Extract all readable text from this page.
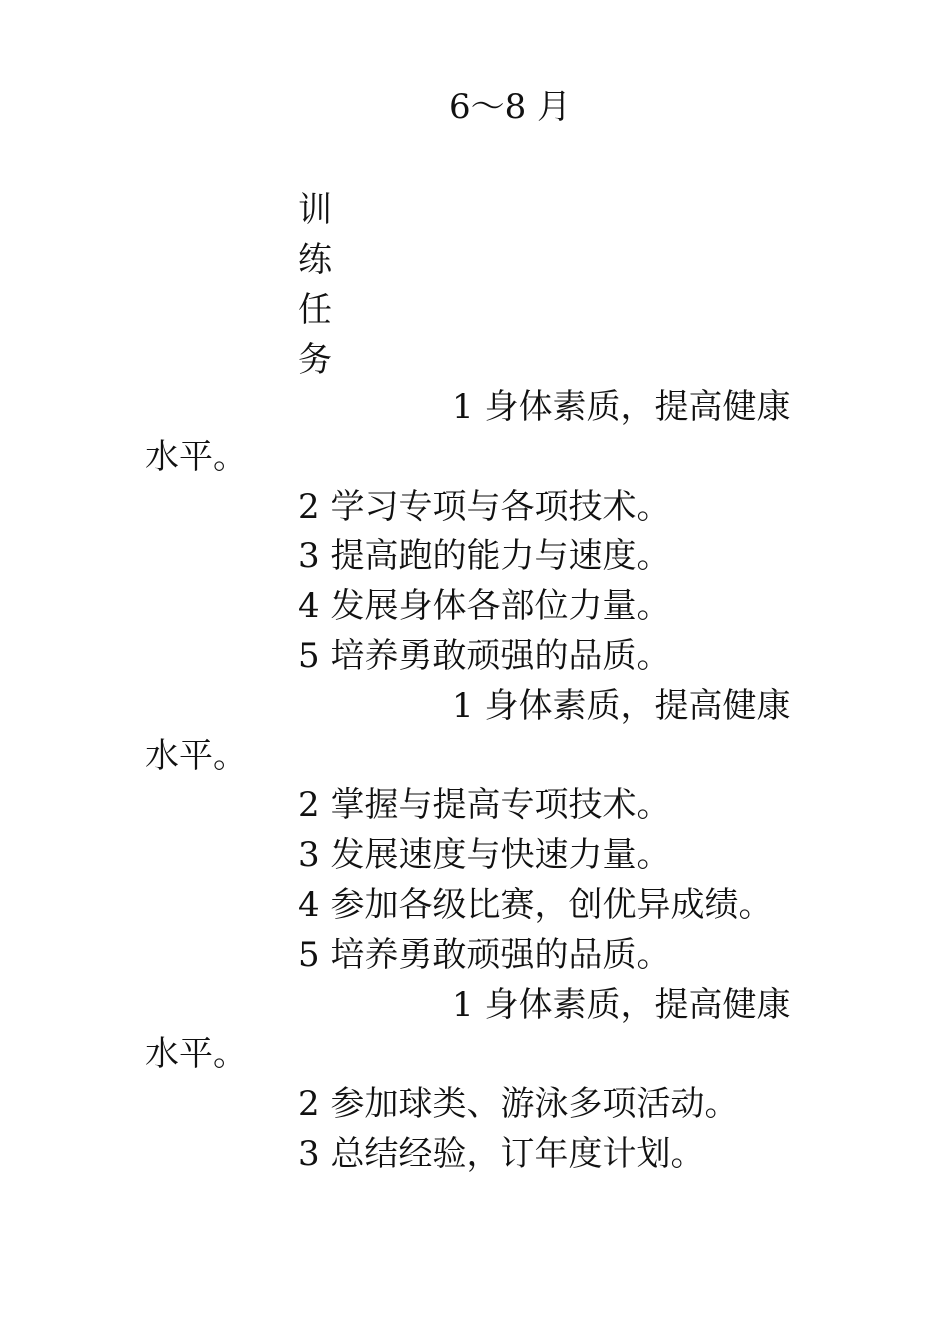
6～8 月
训
练
任
务
1 身体素质，提高健康
水平。
2 学习专项与各项技术。
3 提高跑的能力与速度。
4 发展身体各部位力量。
5 培养勇敢顽强的品质。
1 身体素质，提高健康
水平。
2 掌握与提高专项技术。
3 发展速度与快速力量。
4 参加各级比赛，创优异成绩。
5 培养勇敢顽强的品质。
1 身体素质，提高健康
水平。
2 参加球类、游泳多项活动。
3 总结经验，订年度计划。
